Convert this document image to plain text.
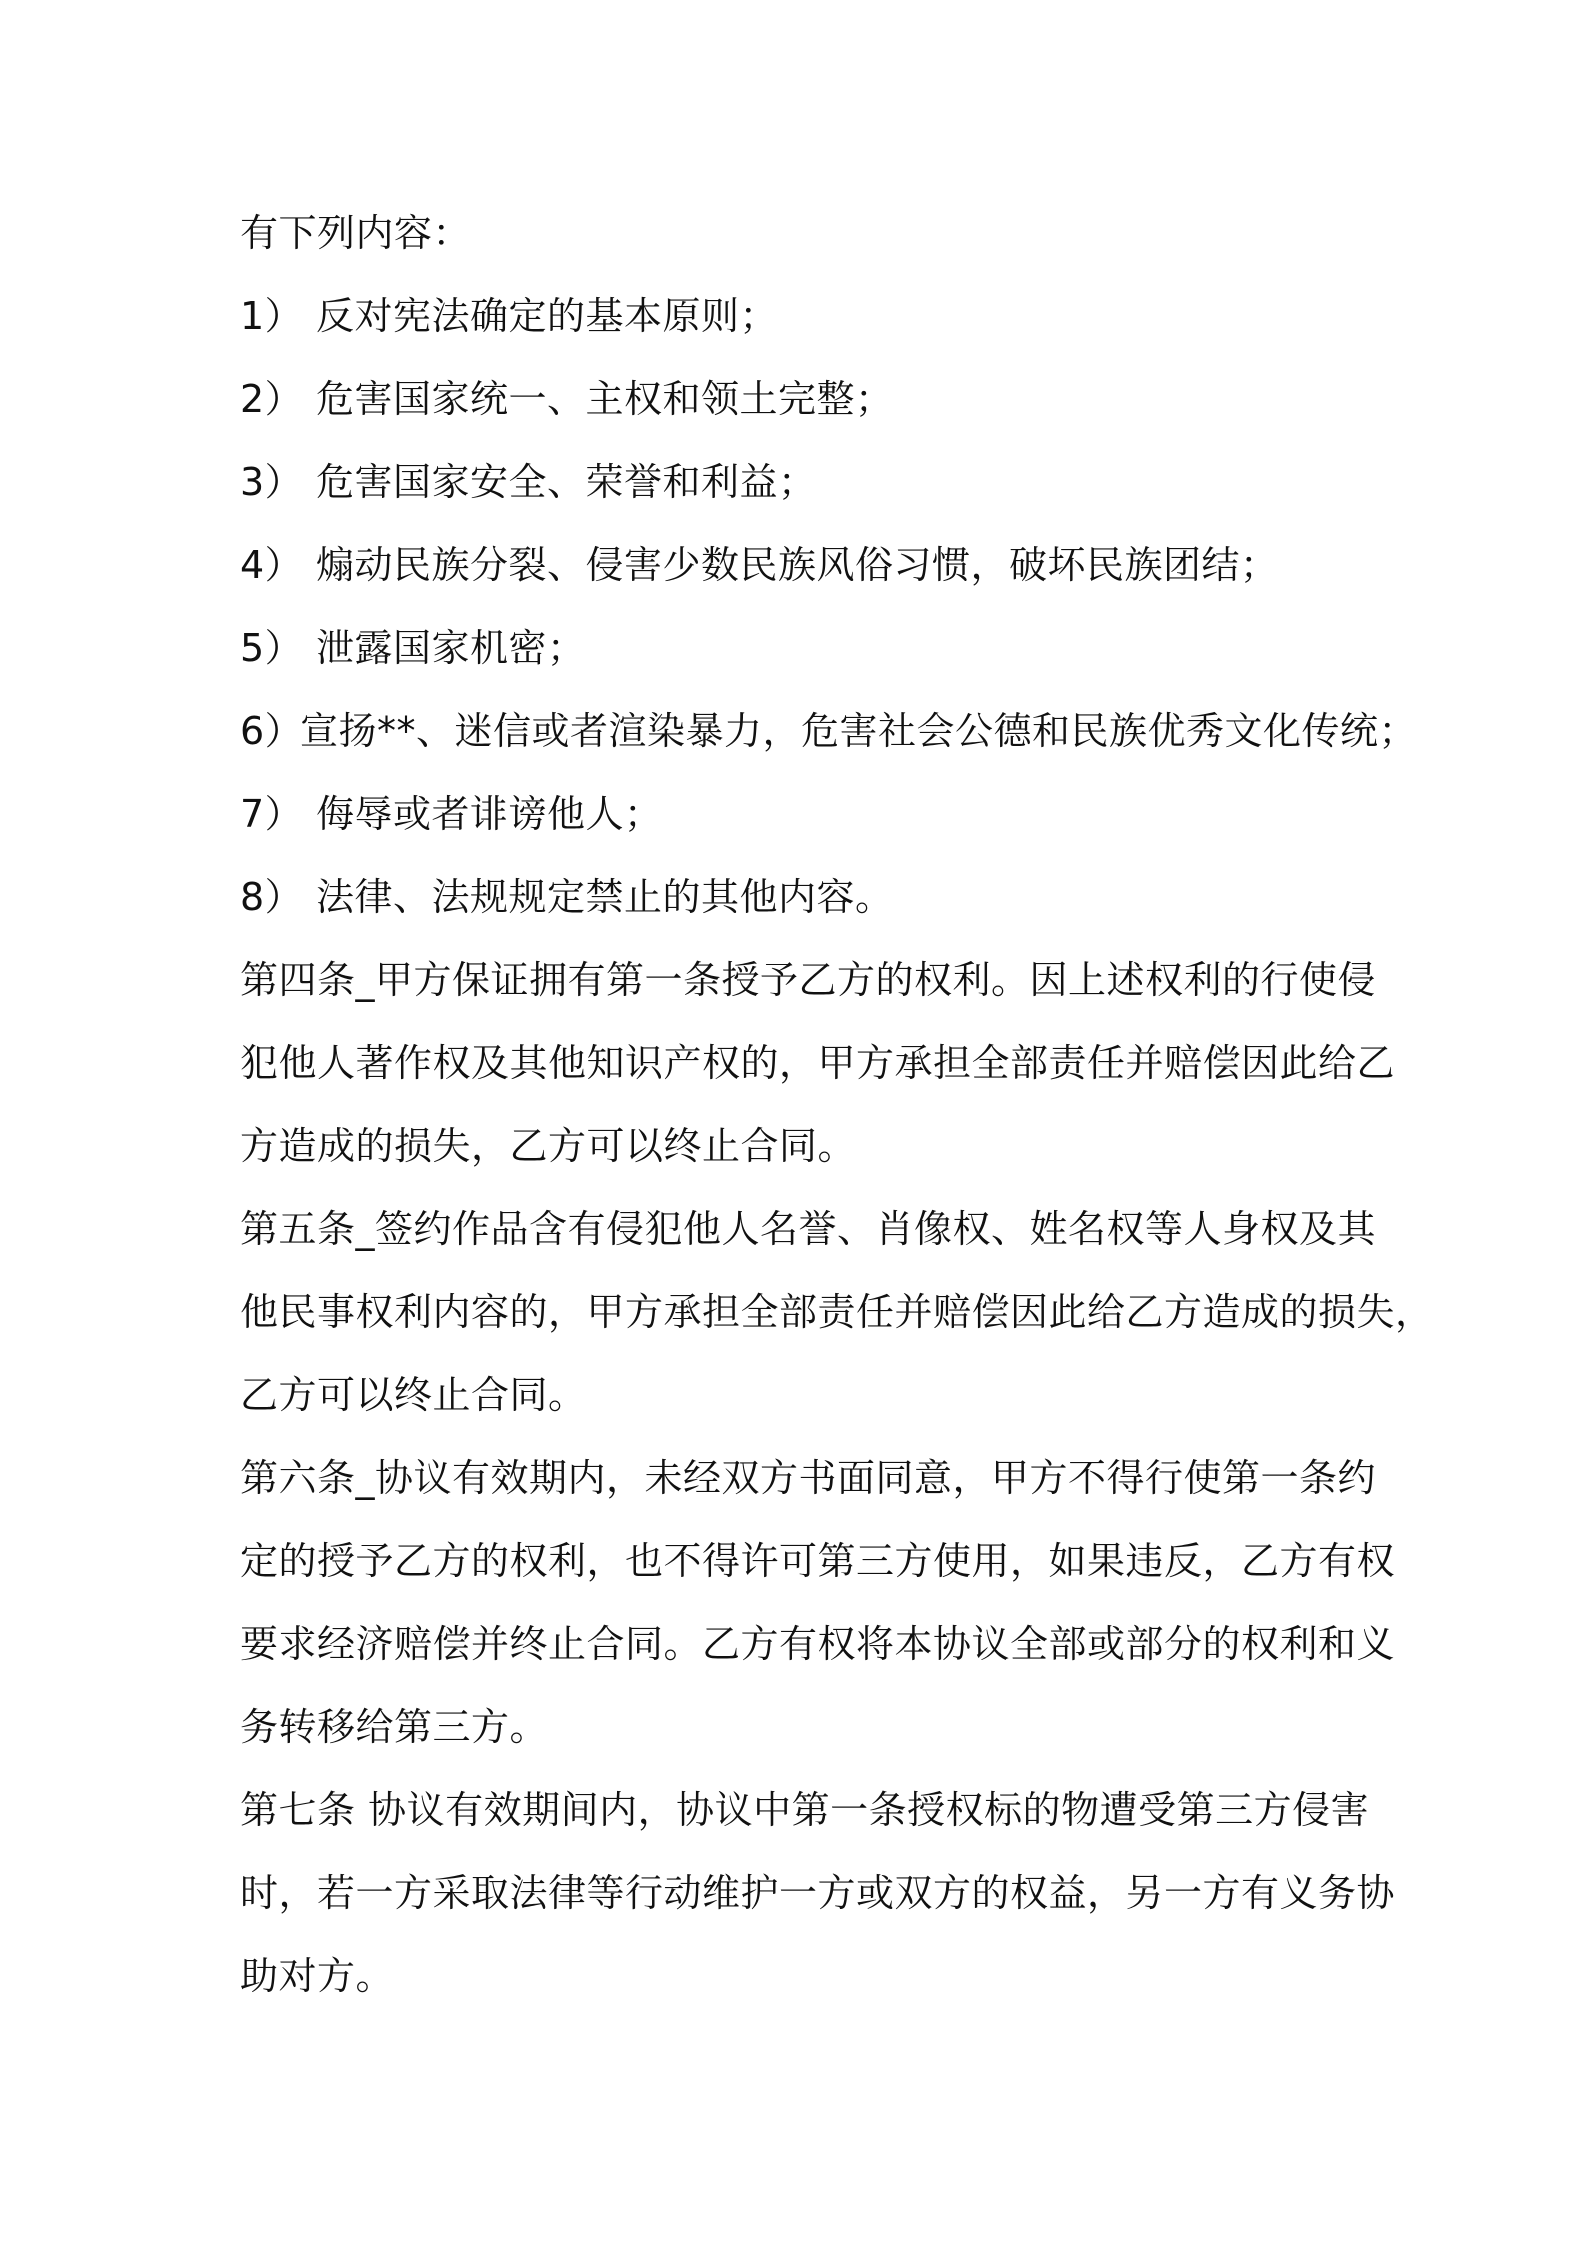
有下列内容：
1） 反对宪法确定的基本原则；
2） 危害国家统一、主权和领土完整；
3） 危害国家安全、荣誉和利益；
4） 煽动民族分裂、侵害少数民族风俗习惯，破坏民族团结；
5） 泄露国家机密；
6）
宣扬**、迷信或者渲染暴力，危害社会公德和民族优秀文化传统；
7） 侮辱或者诽谤他人；
8） 法律、法规规定禁止的其他内容。
第四条_甲方保证拥有第一条授予乙方的权利。因上述权利的行使侵
犯他人著作权及其他知识产权的，甲方承担全部责任并赔偿因此给乙
方造成的损失，乙方可以终止合同。
第五条_签约作品含有侵犯他人名誉、肖像权、姓名权等人身权及其
他民事权利内容的，甲方承担全部责任并赔偿因此给乙方造成的损失，
乙方可以终止合同。
第六条_协议有效期内，未经双方书面同意，甲方不得行使第一条约
定的授予乙方的权利，也不得许可第三方使用，如果违反，乙方有权
要求经济赔偿并终止合同。乙方有权将本协议全部或部分的权利和义
务转移给第三方。
第七条 协议有效期间内，协议中第一条授权标的物遭受第三方侵害
时，若一方采取法律等行动维护一方或双方的权益，另一方有义务协
助对方。
